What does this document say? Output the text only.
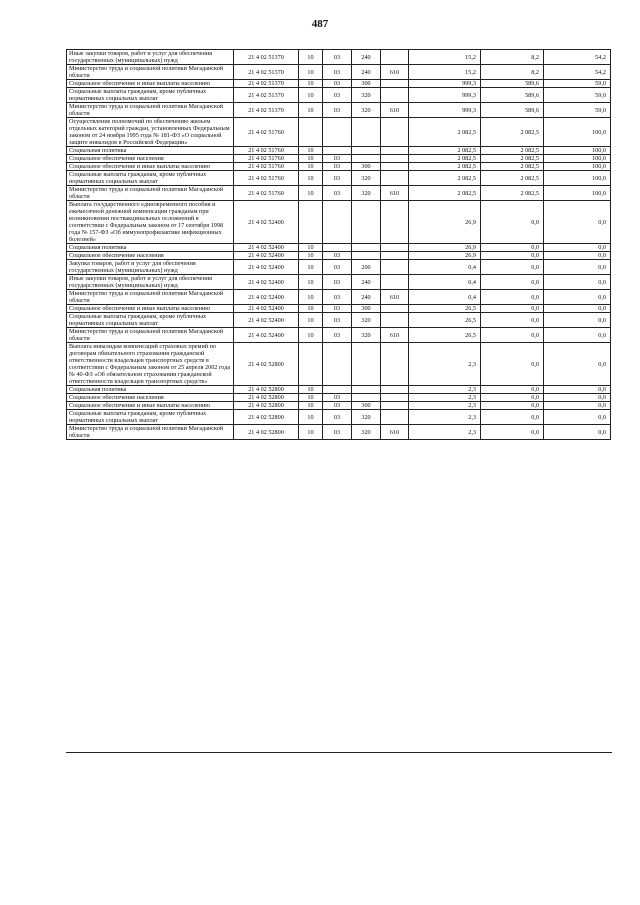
487
Иные закупки товаров, работ и услуг для обеспечения государственных (муниципальных) нужд	21 4 02 51370	10	03	240		15,2	8,2	54,2
Министерство труда и социальной политики Магаданской области	21 4 02 51370	10	03	240	610	15,2	8,2	54,2
Социальное обеспечение и иные выплаты населению	21 4 02 51370	10	03	300		999,3	589,6	59,0
Социальные выплаты гражданам, кроме публичных нормативных социальных выплат	21 4 02 51370	10	03	320		999,3	589,6	59,0
Министерство труда и социальной политики Магаданской области	21 4 02 51370	10	03	320	610	999,3	589,6	59,0
Осуществление полномочий по обеспечению жильем отдельных категорий граждан, установленных Федеральным законом от 24 ноября 1995 года № 181-ФЗ «О социальной защите инвалидов в Российской Федерации»	21 4 02 51760					2 082,5	2 082,5	100,0
Социальная политика	21 4 02 51760	10				2 082,5	2 082,5	100,0
Социальное обеспечение населения	21 4 02 51760	10	03			2 082,5	2 082,5	100,0
Социальное обеспечение и иные выплаты населению	21 4 02 51760	10	03	300		2 082,5	2 082,5	100,0
Социальные выплаты гражданам, кроме публичных нормативных социальных выплат	21 4 02 51760	10	03	320		2 082,5	2 082,5	100,0
Министерство труда и социальной политики Магаданской области	21 4 02 51760	10	03	320	610	2 082,5	2 082,5	100,0
Выплата государственного единовременного пособия и ежемесячной денежной компенсации гражданам при возникновении поствакцинальных осложнений в соответствии с Федеральным законом от 17 сентября 1998 года № 157-ФЗ «Об иммунопрофилактике инфекционных болезней»	21 4 02 52400					26,9	0,0	0,0
Социальная политика	21 4 02 52400	10				26,9	0,0	0,0
Социальное обеспечение населения	21 4 02 52400	10	03			26,9	0,0	0,0
Закупка товаров, работ и услуг для обеспечения государственных (муниципальных) нужд	21 4 02 52400	10	03	200		0,4	0,0	0,0
Иные закупки товаров, работ и услуг для обеспечения государственных (муниципальных) нужд	21 4 02 52400	10	03	240		0,4	0,0	0,0
Министерство труда и социальной политики Магаданской области	21 4 02 52400	10	03	240	610	0,4	0,0	0,0
Социальное обеспечение и иные выплаты населению	21 4 02 52400	10	03	300		26,5	0,0	0,0
Социальные выплаты гражданам, кроме публичных нормативных социальных выплат	21 4 02 52400	10	03	320		26,5	0,0	0,0
Министерство труда и социальной политики Магаданской области	21 4 02 52400	10	03	320	610	26,5	0,0	0,0
Выплата инвалидам компенсаций страховых премий по договорам обязательного страхования гражданской ответственности владельцев транспортных средств в соответствии с Федеральным законом от 25 апреля 2002 года № 40-ФЗ «Об обязательном страховании гражданской ответственности владельцев транспортных средств»	21 4 02 52800					2,3	0,0	0,0
Социальная политика	21 4 02 52800	10				2,3	0,0	0,0
Социальное обеспечение населения	21 4 02 52800	10	03			2,3	0,0	0,0
Социальное обеспечение и иные выплаты населению	21 4 02 52800	10	03	300		2,3	0,0	0,0
Социальные выплаты гражданам, кроме публичных нормативных социальных выплат	21 4 02 52800	10	03	320		2,3	0,0	0,0
Министерство труда и социальной политики Магаданской области	21 4 02 52800	10	03	320	610	2,3	0,0	0,0
